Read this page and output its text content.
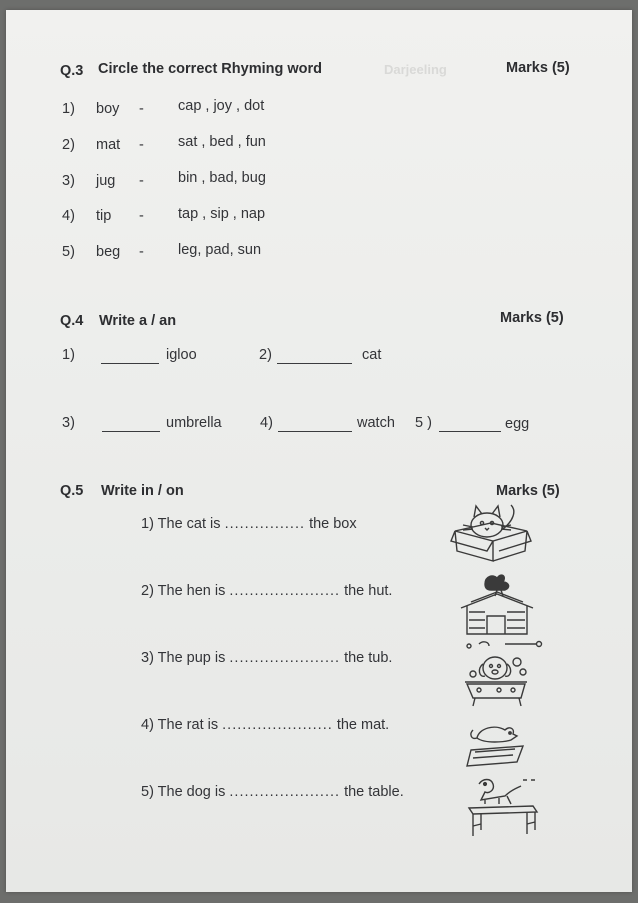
Darjeeling
Q.3 Circle the correct Rhyming word	Marks (5)
1) boy - cap , joy , dot
2) mat - sat , bed , fun
3) jug - bin , bad, bug
4) tip - tap , sip , nap
5) beg - leg, pad, sun
Q.4 Write a / an	Marks (5)
1)	igloo	2)	cat
3)	umbrella	4)	watch 5 )	egg
Q.5 Write in / on	Marks (5)
1) The cat is ................ the box
2) The hen is ...................... the hut.
3) The pup is ...................... the tub.
4) The rat is ...................... the mat.
5) The dog is ...................... the table.
